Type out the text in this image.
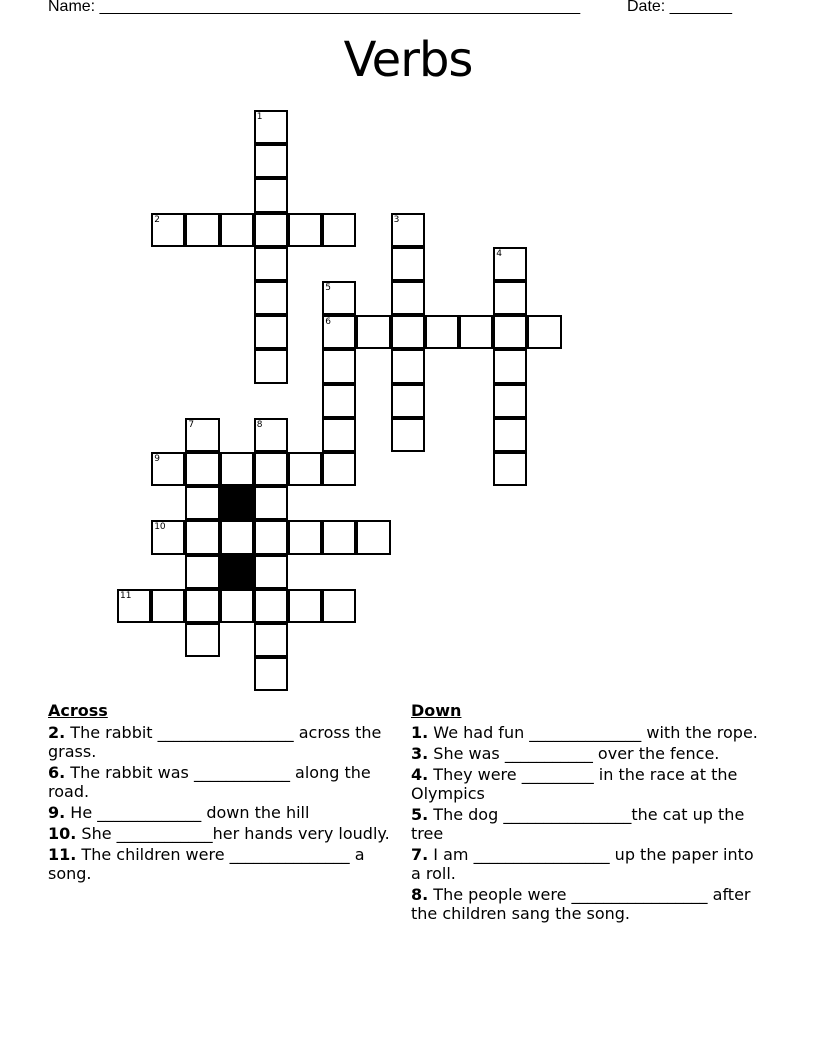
Name: ______________________________________________________	Date: _______
Verbs
1
2	3
4
5
6
7	8
9
10
11
Across
2. The rabbit _________________ across the grass.
6. The rabbit was ____________ along the road.
9. He _____________ down the hill
10. She ____________her hands very loudly.
11. The children were _______________ a song.
Down
1. We had fun ______________ with the rope.
3. She was ___________ over the fence.
4. They were _________ in the race at the Olympics
5. The dog ________________the cat up the tree
7. I am _________________ up the paper into a roll.
8. The people were _________________ after the children sang the song.
